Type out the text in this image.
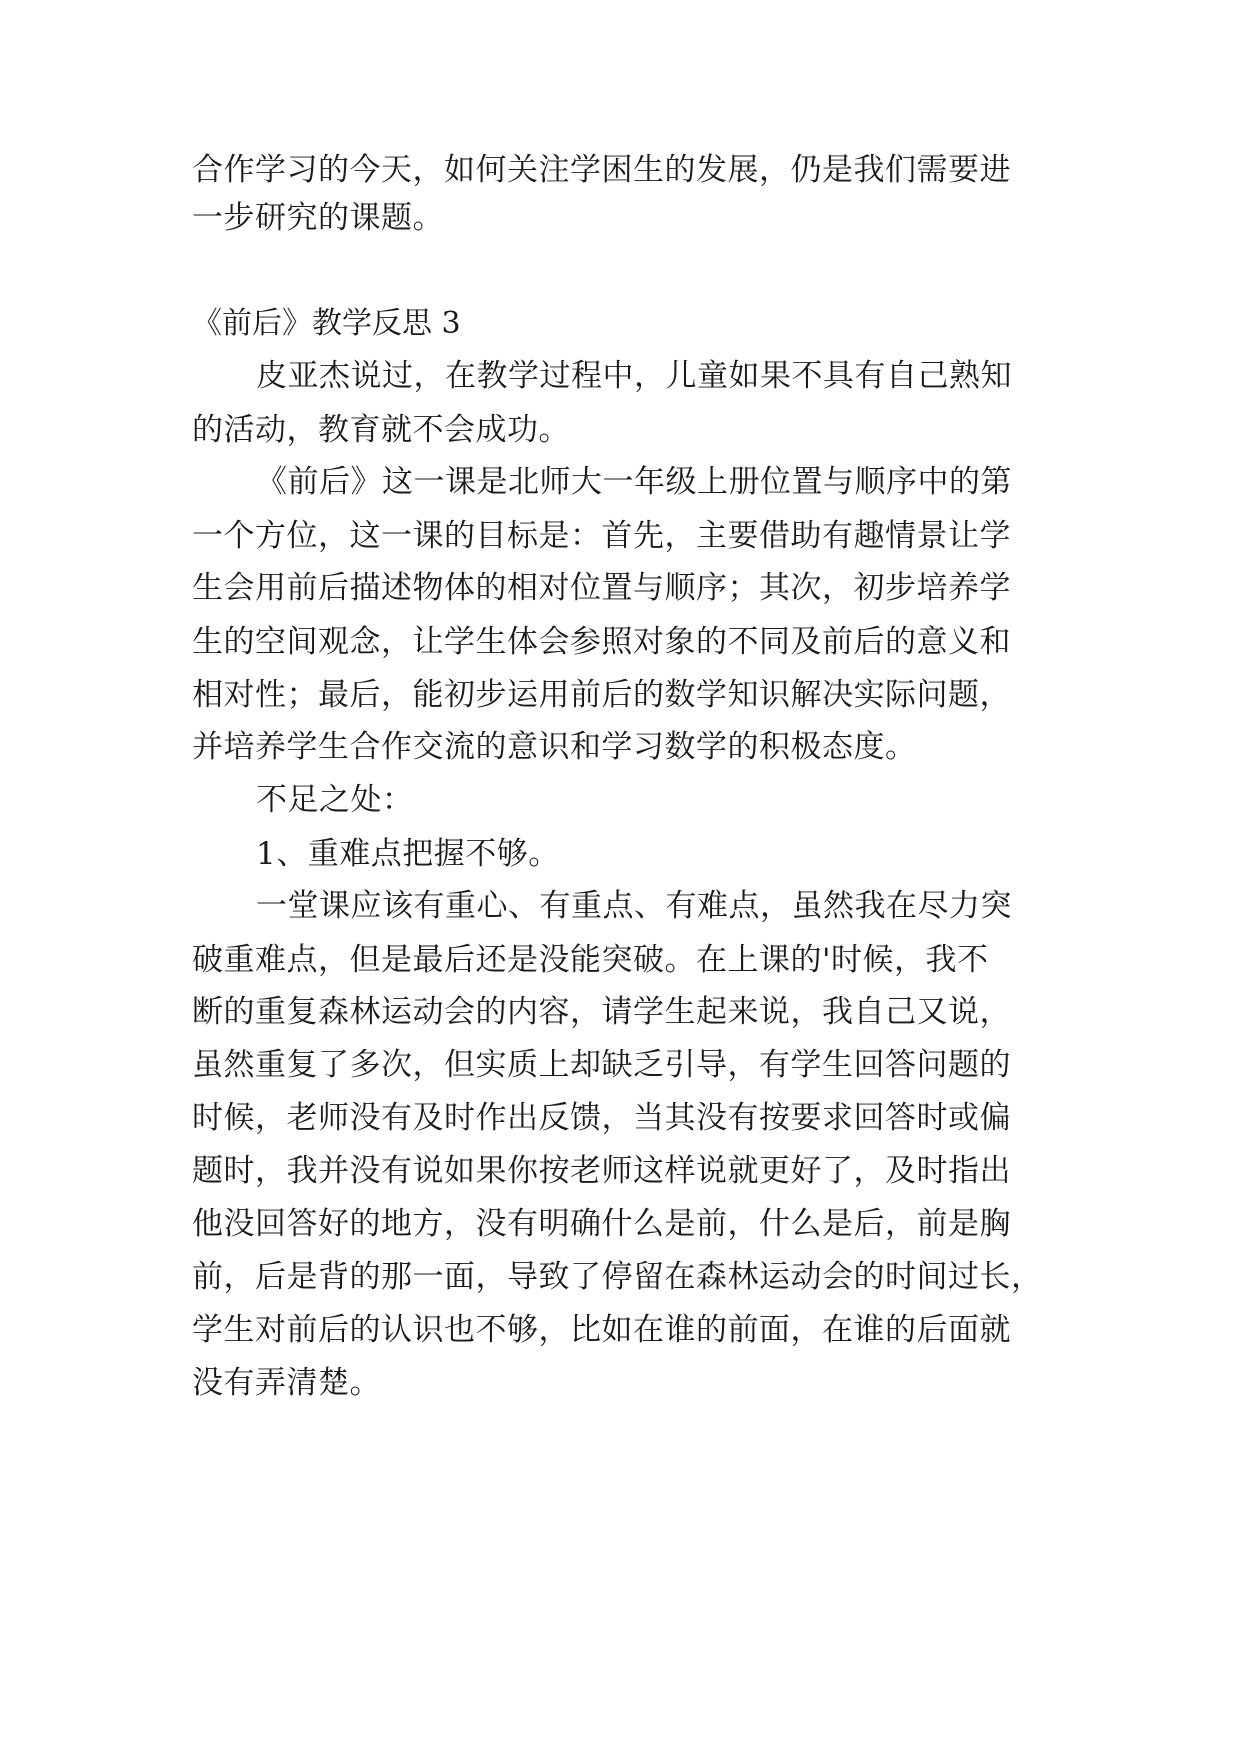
合作学习的今天，如何关注学困生的发展，仍是我们需要进
一步研究的课题。
《前后》教学反思 3
皮亚杰说过，在教学过程中，儿童如果不具有自己熟知
的活动，教育就不会成功。
《前后》这一课是北师大一年级上册位置与顺序中的第
一个方位，这一课的目标是：首先，主要借助有趣情景让学
生会用前后描述物体的相对位置与顺序；其次，初步培养学
生的空间观念，让学生体会参照对象的不同及前后的意义和
相对性；最后，能初步运用前后的数学知识解决实际问题，
并培养学生合作交流的意识和学习数学的积极态度。
不足之处：
1、重难点把握不够。
一堂课应该有重心、有重点、有难点，虽然我在尽力突
破重难点，但是最后还是没能突破。在上课的'时候，我不
断的重复森林运动会的内容，请学生起来说，我自己又说，
虽然重复了多次，但实质上却缺乏引导，有学生回答问题的
时候，老师没有及时作出反馈，当其没有按要求回答时或偏
题时，我并没有说如果你按老师这样说就更好了，及时指出
他没回答好的地方，没有明确什么是前，什么是后，前是胸
前，后是背的那一面，导致了停留在森林运动会的时间过长，
学生对前后的认识也不够，比如在谁的前面，在谁的后面就
没有弄清楚。
